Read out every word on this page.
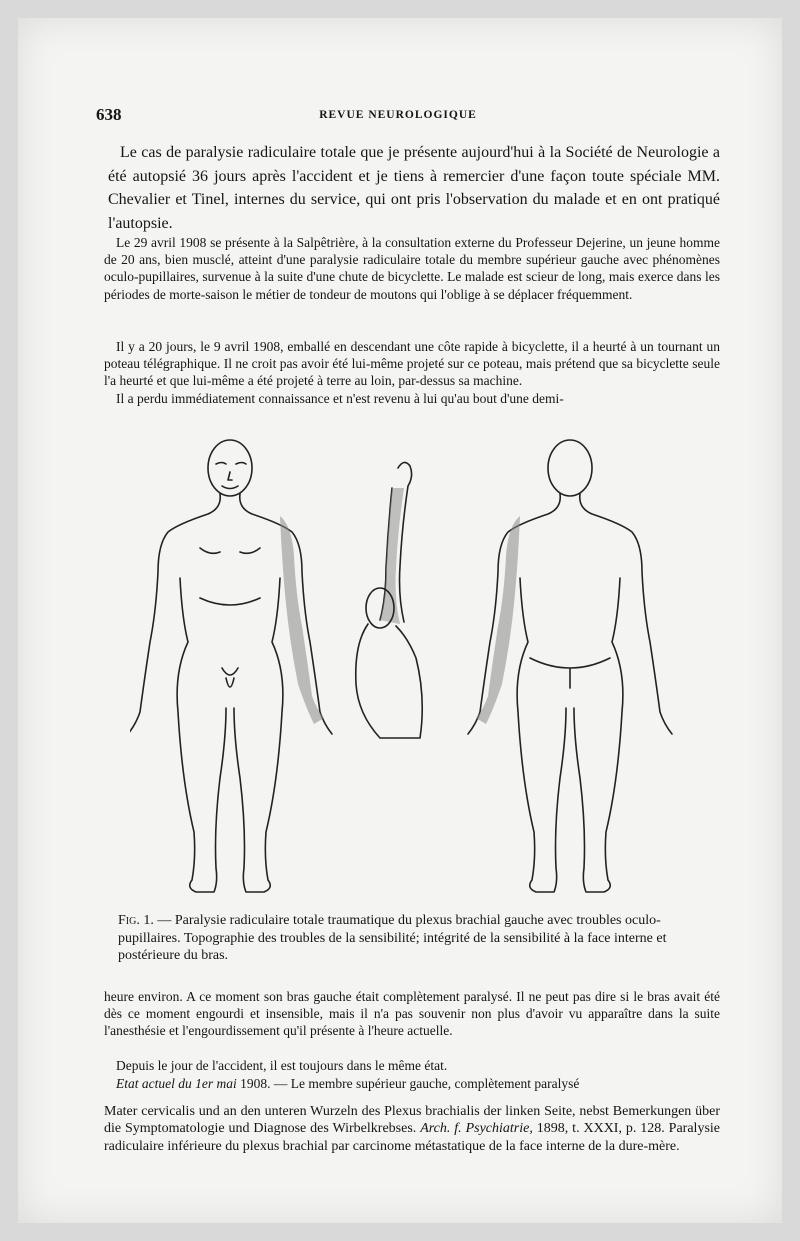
638	REVUE NEUROLOGIQUE

Le cas de paralysie radiculaire totale que je présente aujourd'hui à la Société de Neurologie a été autopsié 36 jours après l'accident et je tiens à remercier d'une façon toute spéciale MM. Chevalier et Tinel, internes du service, qui ont pris l'observation du malade et en ont pratiqué l'autopsie.

Le 29 avril 1908 se présente à la Salpêtrière, à la consultation externe du Professeur Dejerine, un jeune homme de 20 ans, bien musclé, atteint d'une paralysie radiculaire totale du membre supérieur gauche avec phénomènes oculo-pupillaires, survenue à la suite d'une chute de bicyclette. Le malade est scieur de long, mais exerce dans les périodes de morte-saison le métier de tondeur de moutons qui l'oblige à se déplacer fréquemment.

Il y a 20 jours, le 9 avril 1908, emballé en descendant une côte rapide à bicyclette, il a heurté à un tournant un poteau télégraphique. Il ne croit pas avoir été lui-même projeté sur ce poteau, mais prétend que sa bicyclette seule l'a heurté et que lui-même a été projeté à terre au loin, par-dessus sa machine.

Il a perdu immédiatement connaissance et n'est revenu à lui qu'au bout d'une demi-

Fig. 1. — Paralysie radiculaire totale traumatique du plexus brachial gauche avec troubles oculo-pupillaires. Topographie des troubles de la sensibilité; intégrité de la sensibilité à la face interne et postérieure du bras.

heure environ. A ce moment son bras gauche était complètement paralysé. Il ne peut pas dire si le bras avait été dès ce moment engourdi et insensible, mais il n'a pas souvenir non plus d'avoir vu apparaître dans la suite l'anesthésie et l'engourdissement qu'il présente à l'heure actuelle.

Depuis le jour de l'accident, il est toujours dans le même état.

Etat actuel du 1er mai 1908. — Le membre supérieur gauche, complètement paralysé

Mater cervicalis und an den unteren Wurzeln des Plexus brachialis der linken Seite, nebst Bemerkungen über die Symptomatologie und Diagnose des Wirbelkrebses. Arch. f. Psychiatrie, 1898, t. XXXI, p. 128. Paralysie radiculaire inférieure du plexus brachial par carcinome métastatique de la face interne de la dure-mère.
